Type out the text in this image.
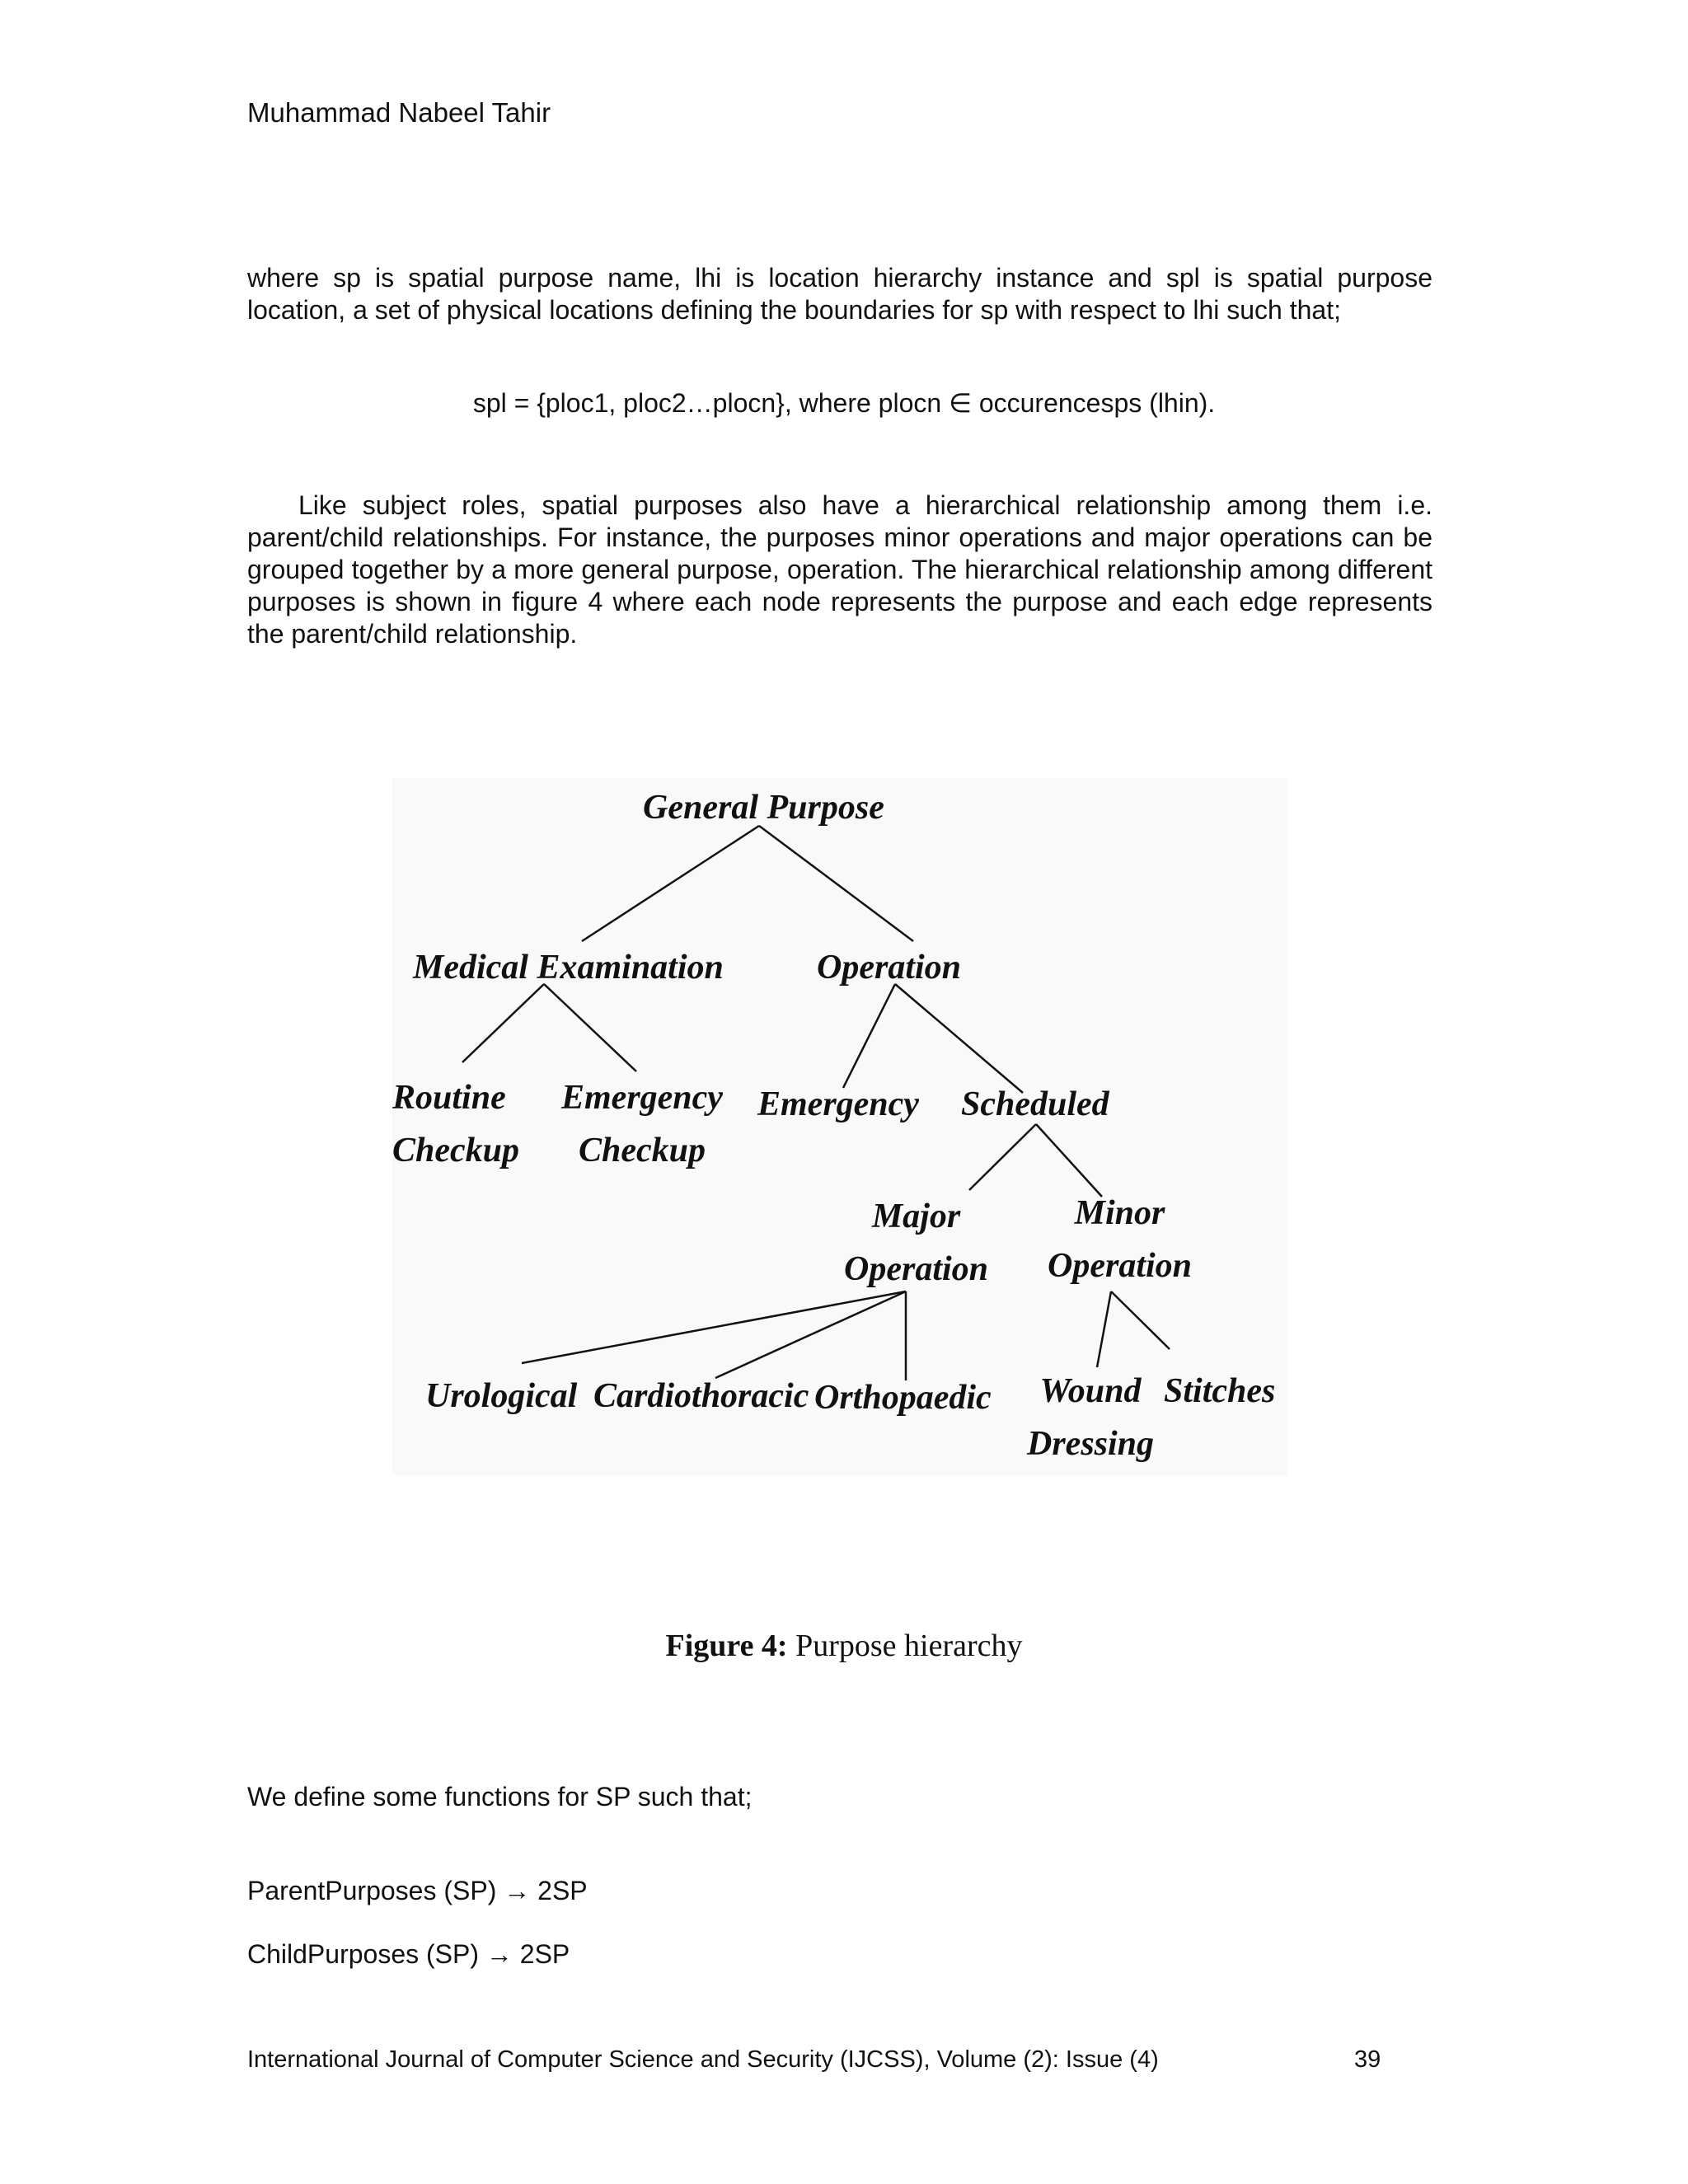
Muhammad Nabeel Tahir
where sp is spatial purpose name, lhi is location hierarchy instance and spl is spatial purpose location, a set of physical locations defining the boundaries for sp with respect to lhi such that;
spl = {ploc1, ploc2…plocn}, where plocn ∈ occurencesps (lhin).
Like subject roles, spatial purposes also have a hierarchical relationship among them i.e. parent/child relationships. For instance, the purposes minor operations and major operations can be grouped together by a more general purpose, operation. The hierarchical relationship among different purposes is shown in figure 4 where each node represents the purpose and each edge represents the parent/child relationship.
General Purpose
Medical Examination	Operation
Routine
Checkup
Emergency
Checkup
Emergency Scheduled
Major
Operation
Minor
Operation
Urological Cardiothoracic Orthopaedic	Wound
Dressing
Stitches
Figure 4: Purpose hierarchy
We define some functions for SP such that;
ParentPurposes (SP) → 2SP
ChildPurposes (SP) → 2SP
International Journal of Computer Science and Security (IJCSS), Volume (2): Issue (4)	39
